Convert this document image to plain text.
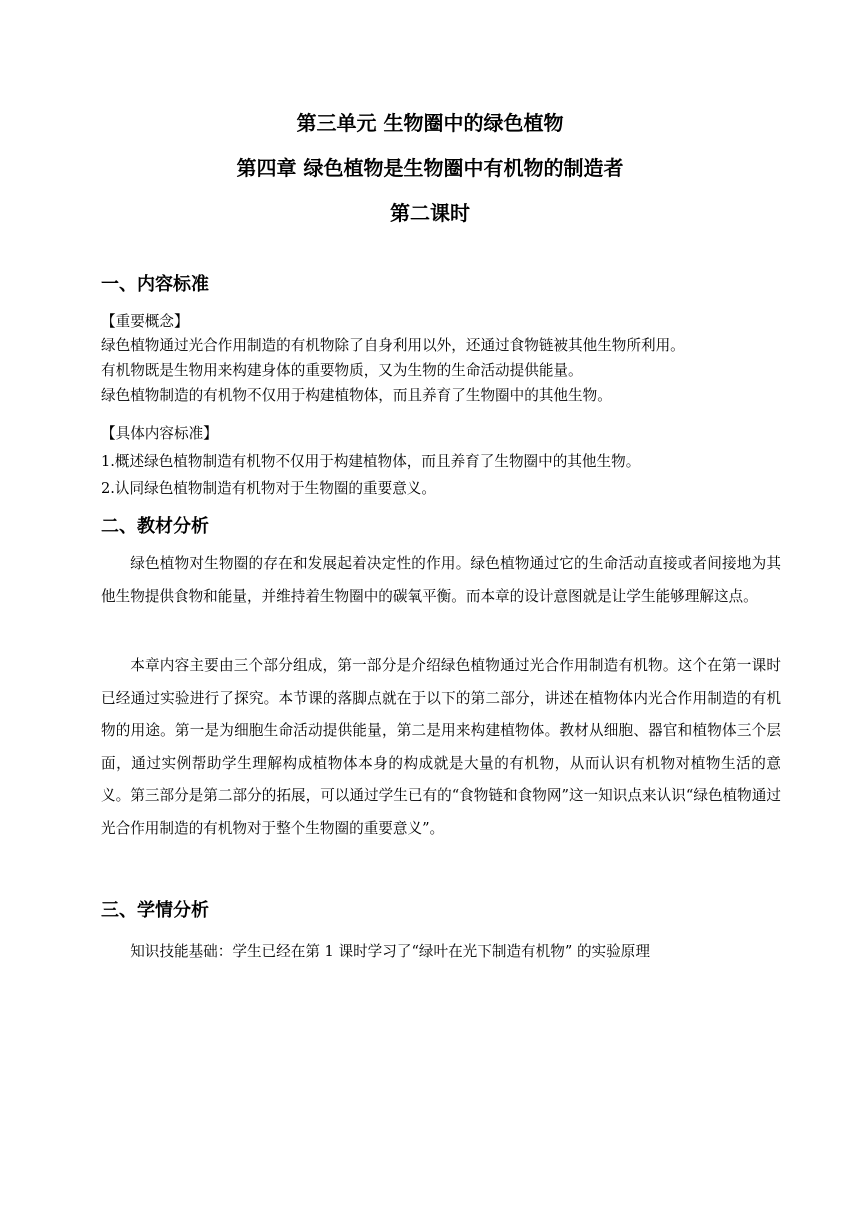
第三单元 生物圈中的绿色植物
第四章 绿色植物是生物圈中有机物的制造者
第二课时
一、内容标准
【重要概念】
绿色植物通过光合作用制造的有机物除了自身利用以外，还通过食物链被其他生物所利用。
有机物既是生物用来构建身体的重要物质，又为生物的生命活动提供能量。
绿色植物制造的有机物不仅用于构建植物体，而且养育了生物圈中的其他生物。
【具体内容标准】
1.概述绿色植物制造有机物不仅用于构建植物体，而且养育了生物圈中的其他生物。
2.认同绿色植物制造有机物对于生物圈的重要意义。
二、教材分析

绿色植物对生物圈的存在和发展起着决定性的作用。绿色植物通过它的生命活动直接或者间接地为其他生物提供食物和能量，并维持着生物圈中的碳氧平衡。而本章的设计意图就是让学生能够理解这点。

本章内容主要由三个部分组成，第一部分是介绍绿色植物通过光合作用制造有机物。这个在第一课时已经通过实验进行了探究。本节课的落脚点就在于以下的第二部分，讲述在植物体内光合作用制造的有机物的用途。第一是为细胞生命活动提供能量，第二是用来构建植物体。教材从细胞、器官和植物体三个层面，通过实例帮助学生理解构成植物体本身的构成就是大量的有机物，从而认识有机物对植物生活的意义。第三部分是第二部分的拓展，可以通过学生已有的“食物链和食物网”这一知识点来认识“绿色植物通过光合作用制造的有机物对于整个生物圈的重要意义”。

三、学情分析

知识技能基础：学生已经在第 1 课时学习了“绿叶在光下制造有机物” 的实验原理
